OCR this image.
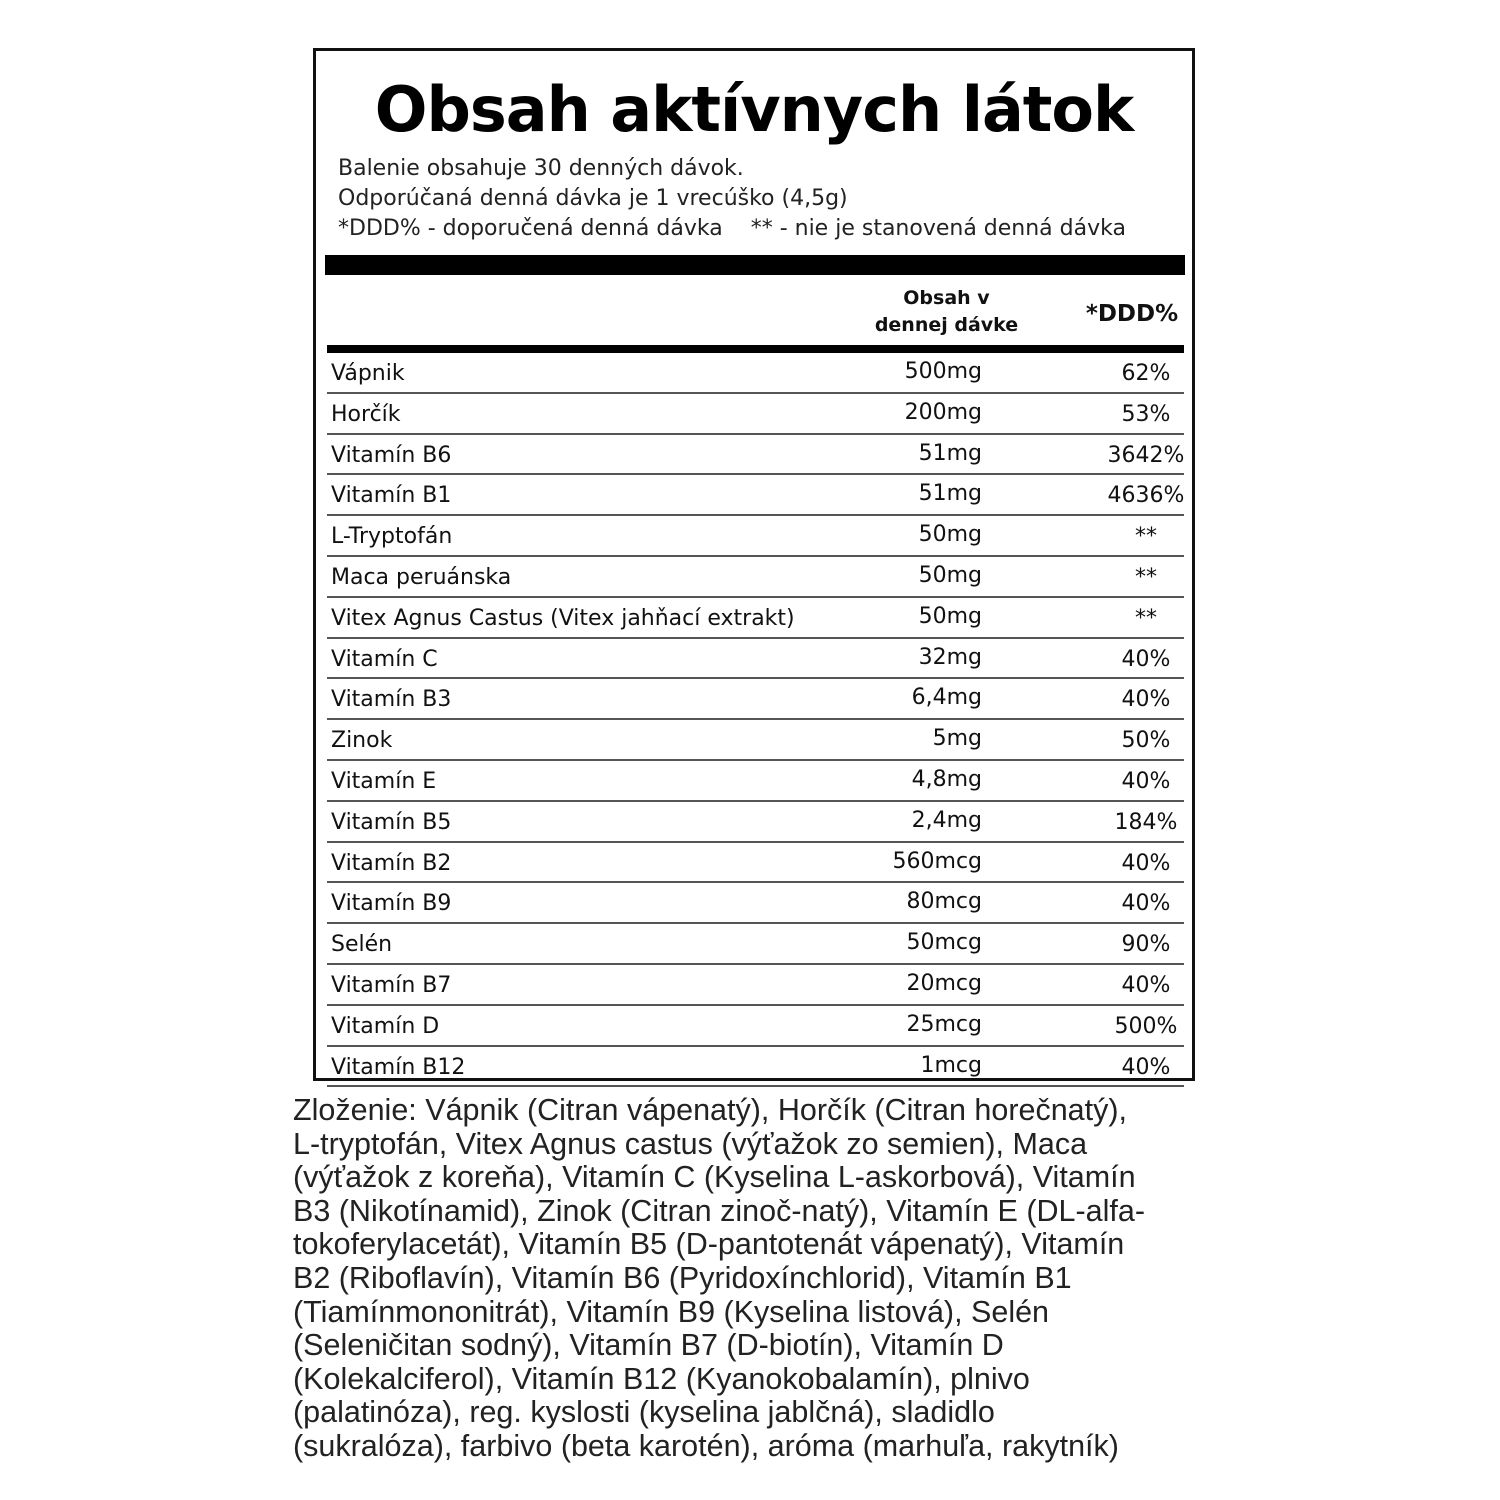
Obsah aktívnych látok
Balenie obsahuje 30 denných dávok.
Odporúčaná denná dávka je 1 vrecúško (4,5g)
*DDD% - doporučená denná dávka ** - nie je stanovená denná dávka
Obsah v
dennej dávke	*DDD%
Vápnik	500mg	62%
Horčík	200mg	53%
Vitamín B6	51mg	3642%
Vitamín B1	51mg	4636%
L-Tryptofán	50mg	**
Maca peruánska	50mg	**
Vitex Agnus Castus (Vitex jahňací extrakt)	50mg	**
Vitamín C	32mg	40%
Vitamín B3	6,4mg	40%
Zinok	5mg	50%
Vitamín E	4,8mg	40%
Vitamín B5	2,4mg	184%
Vitamín B2	560mcg	40%
Vitamín B9	80mcg	40%
Selén	50mcg	90%
Vitamín B7	20mcg	40%
Vitamín D	25mcg	500%
Vitamín B12	1mcg	40%
Zloženie: Vápnik (Citran vápenatý), Horčík (Citran horečnatý),
L-tryptofán, Vitex Agnus castus (výťažok zo semien), Maca
(výťažok z koreňa), Vitamín C (Kyselina L-askorbová), Vitamín
B3 (Nikotínamid), Zinok (Citran zinoč-natý), Vitamín E (DL-alfa-
tokoferylacetát), Vitamín B5 (D-pantotenát vápenatý), Vitamín
B2 (Riboflavín), Vitamín B6 (Pyridoxínchlorid), Vitamín B1
(Tiamínmononitrát), Vitamín B9 (Kyselina listová), Selén
(Seleničitan sodný), Vitamín B7 (D-biotín), Vitamín D
(Kolekalciferol), Vitamín B12 (Kyanokobalamín), plnivo
(palatinóza), reg. kyslosti (kyselina jablčná), sladidlo
(sukralóza), farbivo (beta karotén), aróma (marhuľa, rakytník)
